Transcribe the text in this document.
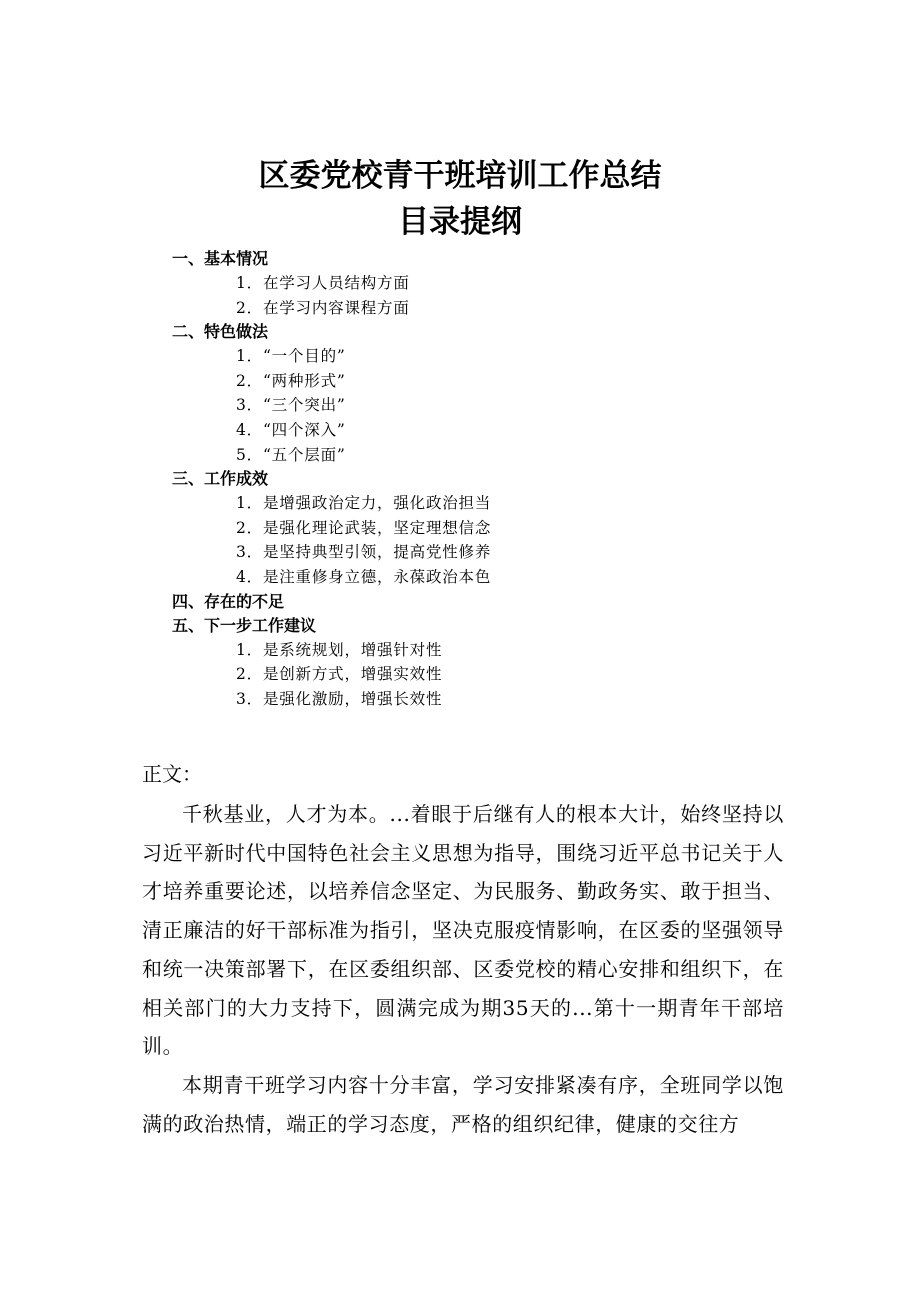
区委党校青干班培训工作总结
目录提纲
一、基本情况
1．在学习人员结构方面
2．在学习内容课程方面
二、特色做法
1．“一个目的”
2．“两种形式”
3．“三个突出”
4．“四个深入”
5．“五个层面”
三、工作成效
1．是增强政治定力，强化政治担当
2．是强化理论武装，坚定理想信念
3．是坚持典型引领，提高党性修养
4．是注重修身立德，永葆政治本色
四、存在的不足
五、下一步工作建议
1．是系统规划，增强针对性
2．是创新方式，增强实效性
3．是强化激励，增强长效性
正文：

千秋基业，人才为本。...着眼于后继有人的根本大计，始终坚持以习近平新时代中国特色社会主义思想为指导，围绕习近平总书记关于人才培养重要论述，以培养信念坚定、为民服务、勤政务实、敢于担当、清正廉洁的好干部标准为指引，坚决克服疫情影响，在区委的坚强领导和统一决策部署下，在区委组织部、区委党校的精心安排和组织下，在相关部门的大力支持下，圆满完成为期35天的...第十一期青年干部培训。

本期青干班学习内容十分丰富，学习安排紧凑有序，全班同学以饱满的政治热情，端正的学习态度，严格的组织纪律，健康的交往方
